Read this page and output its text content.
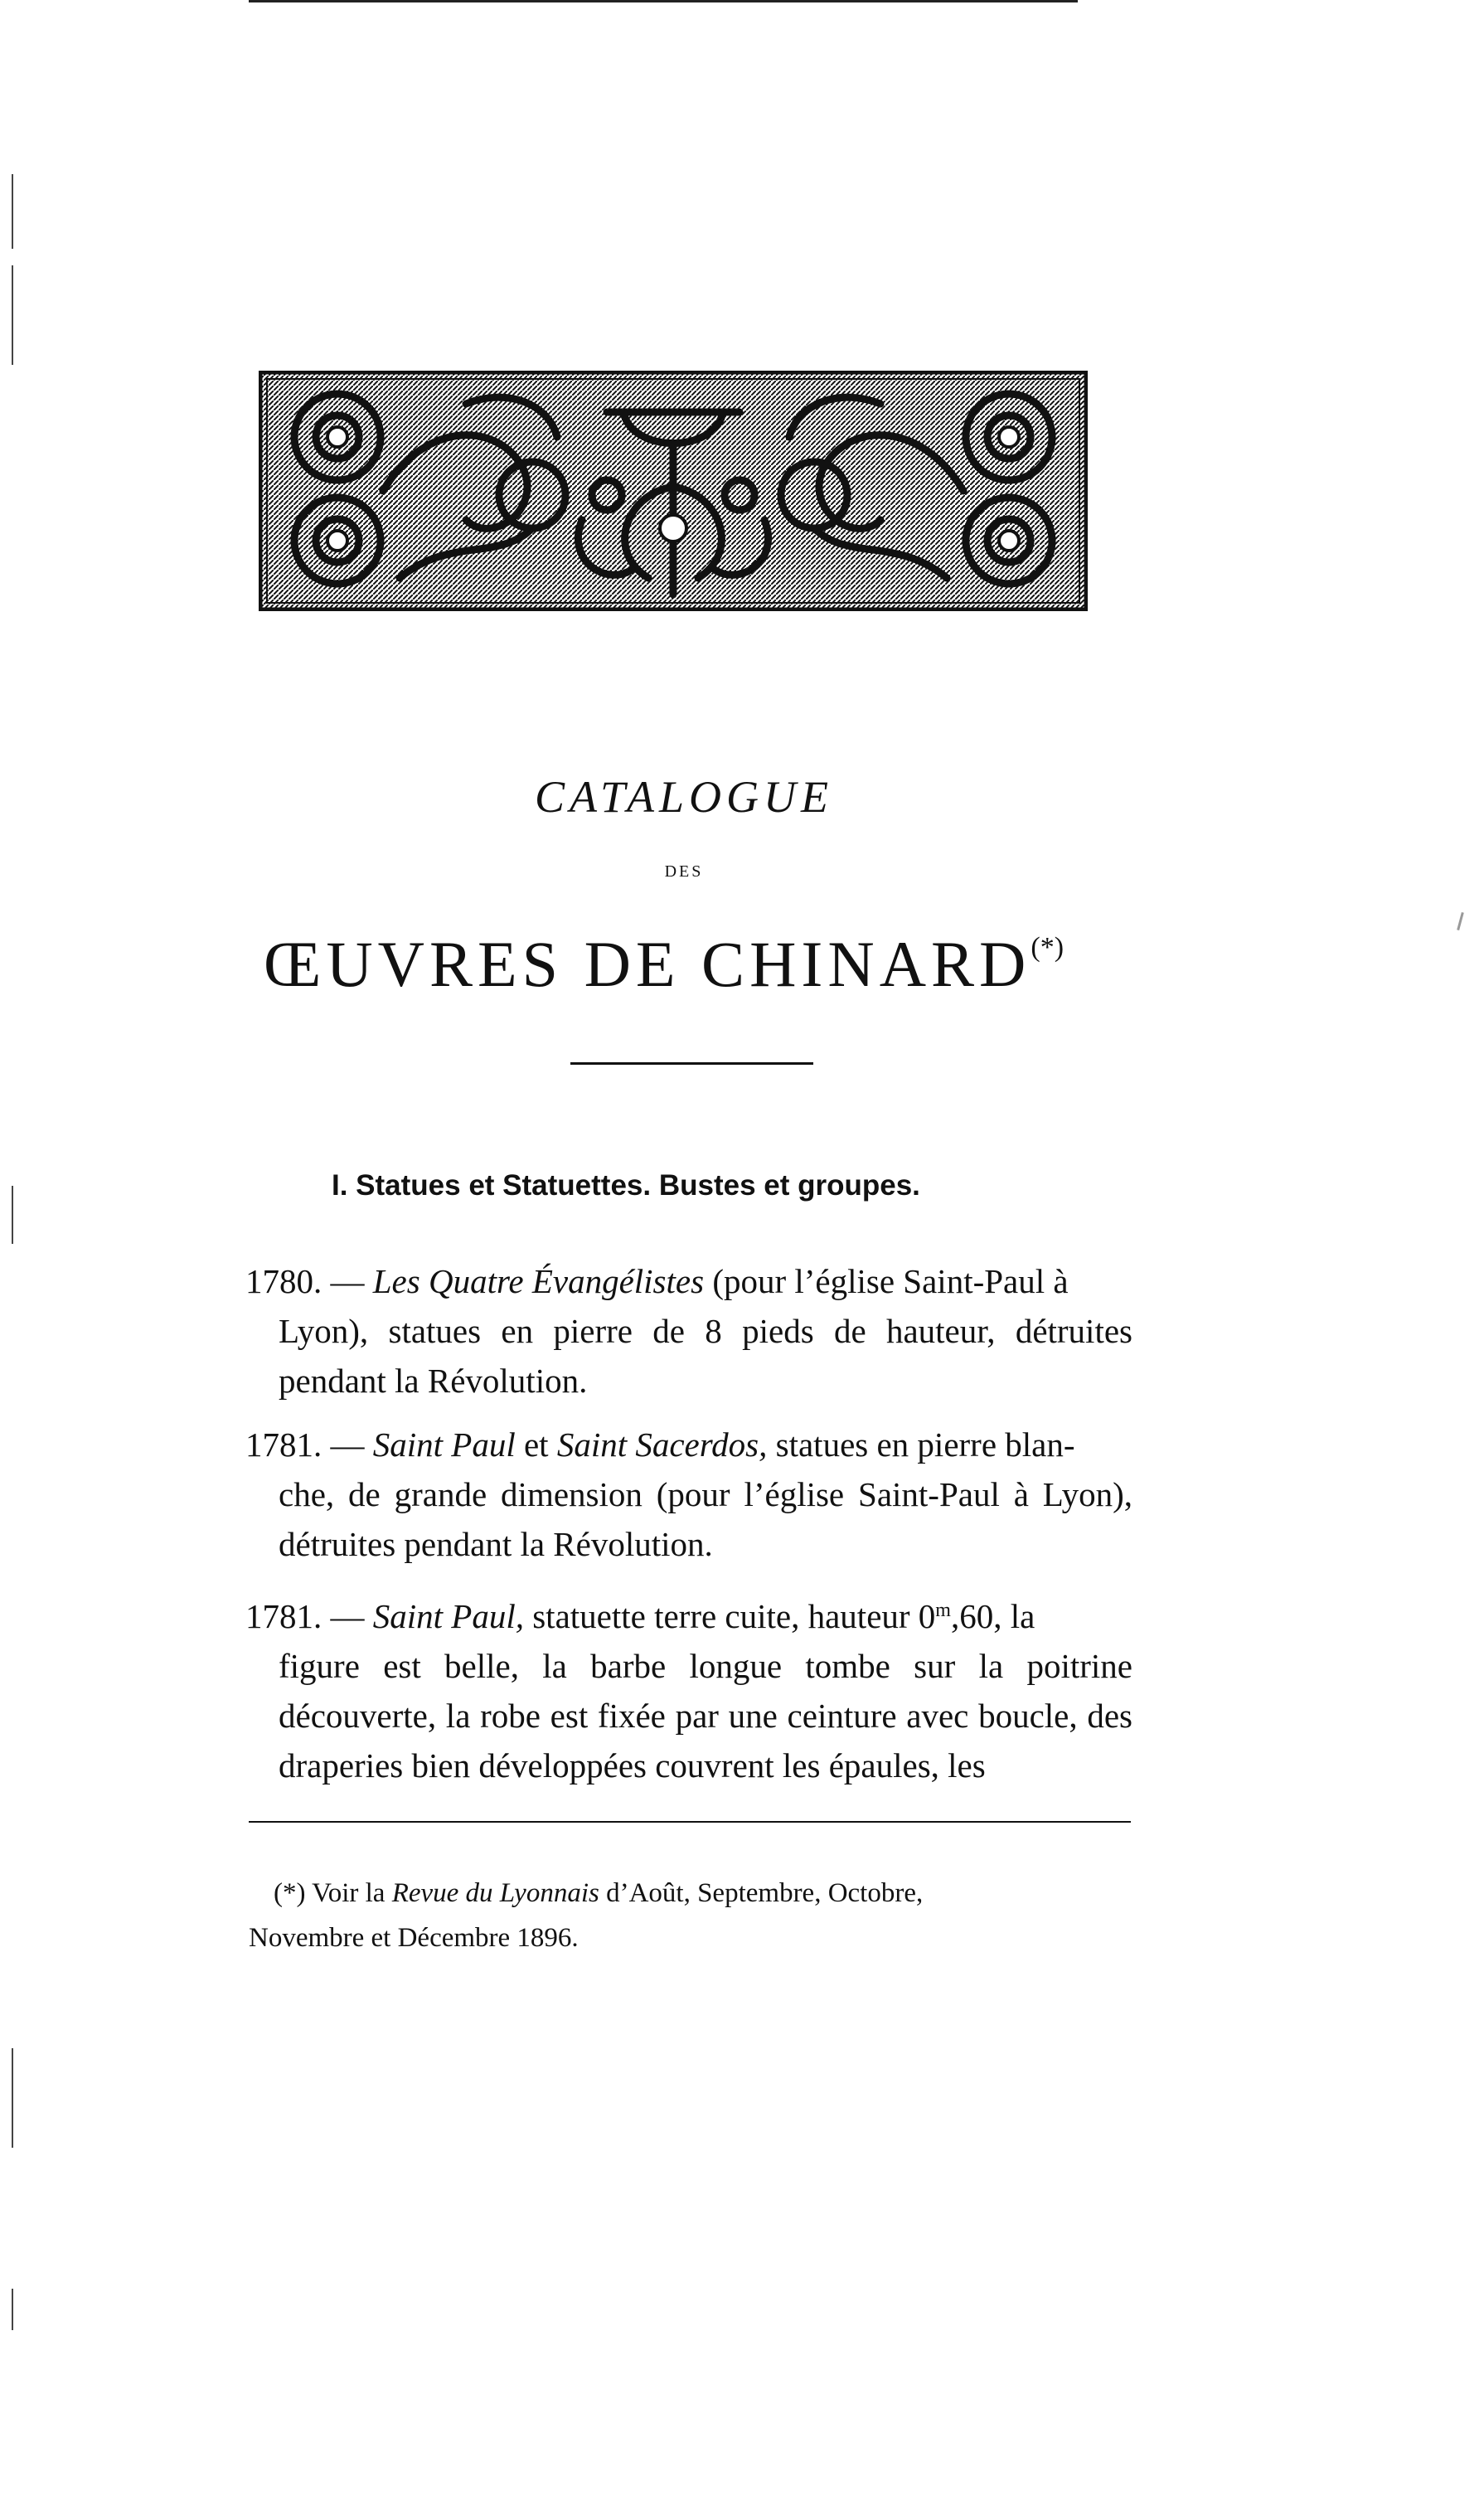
CATALOGUE
DES
ŒUVRES DE CHINARD(*)
I. Statues et Statuettes. Bustes et groupes.
1780. — Les Quatre Évangélistes (pour l’église Saint-Paul à
Lyon), statues en pierre de 8 pieds de hauteur, détruites pendant la Révolution.
1781. — Saint Paul et Saint Sacerdos, statues en pierre blan-
che, de grande dimension (pour l’église Saint-Paul à Lyon), détruites pendant la Révolution.
1781. — Saint Paul, statuette terre cuite, hauteur 0$^m$,60, la
figure est belle, la barbe longue tombe sur la poitrine découverte, la robe est fixée par une ceinture avec boucle, des draperies bien développées couvrent les épaules, les
(*) Voir la Revue du Lyonnais d’Août, Septembre, Octobre,
Novembre et Décembre 1896.
